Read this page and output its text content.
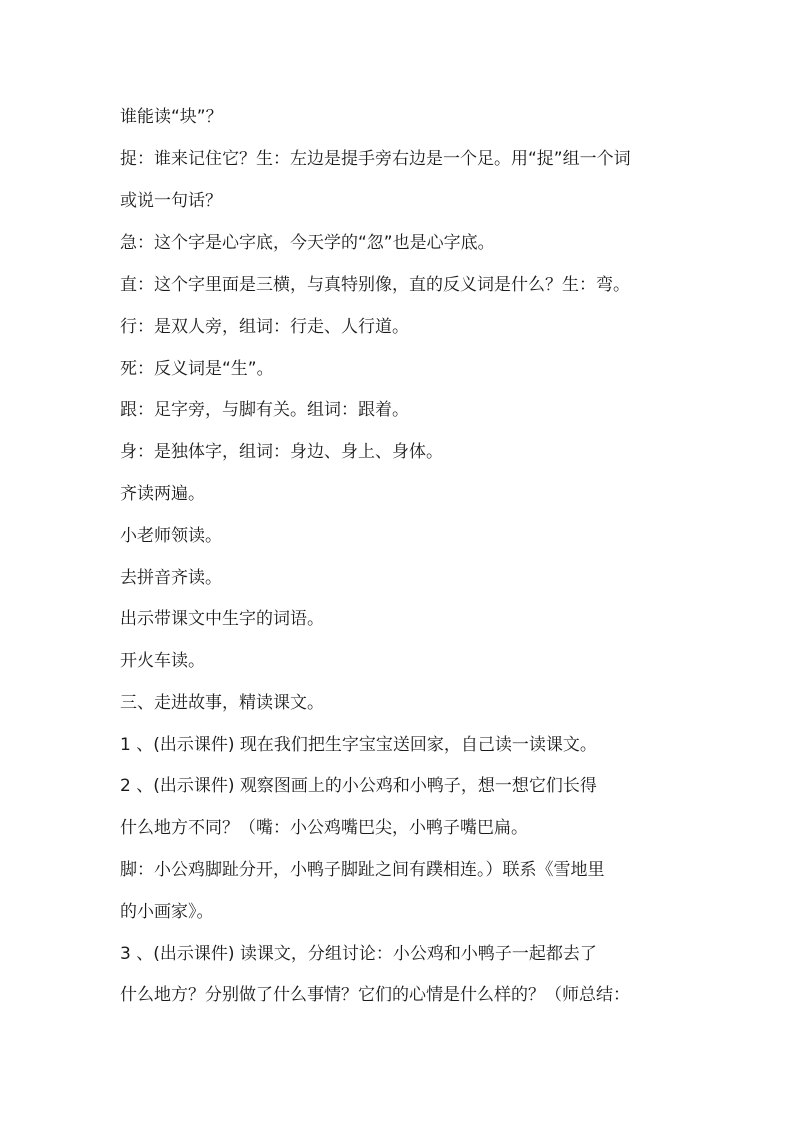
谁能读“块”？
捉：谁来记住它？生：左边是提手旁右边是一个足。用“捉”组一个词
或说一句话？
急：这个字是心字底，今天学的“忽”也是心字底。
直：这个字里面是三横，与真特别像，直的反义词是什么？生：弯。
行：是双人旁，组词：行走、人行道。
死：反义词是“生”。
跟：足字旁，与脚有关。组词：跟着。
身：是独体字，组词：身边、身上、身体。
齐读两遍。
小老师领读。
去拼音齐读。
出示带课文中生字的词语。
开火车读。
三、走进故事，精读课文。
1 、(出示课件) 现在我们把生字宝宝送回家，自己读一读课文。
2 、(出示课件) 观察图画上的小公鸡和小鸭子，想一想它们长得
什么地方不同？（嘴：小公鸡嘴巴尖，小鸭子嘴巴扁。
脚：小公鸡脚趾分开，小鸭子脚趾之间有蹼相连。）联系《雪地里
的小画家》。
3 、(出示课件) 读课文，分组讨论：小公鸡和小鸭子一起都去了
什么地方？分别做了什么事情？它们的心情是什么样的？（师总结：
